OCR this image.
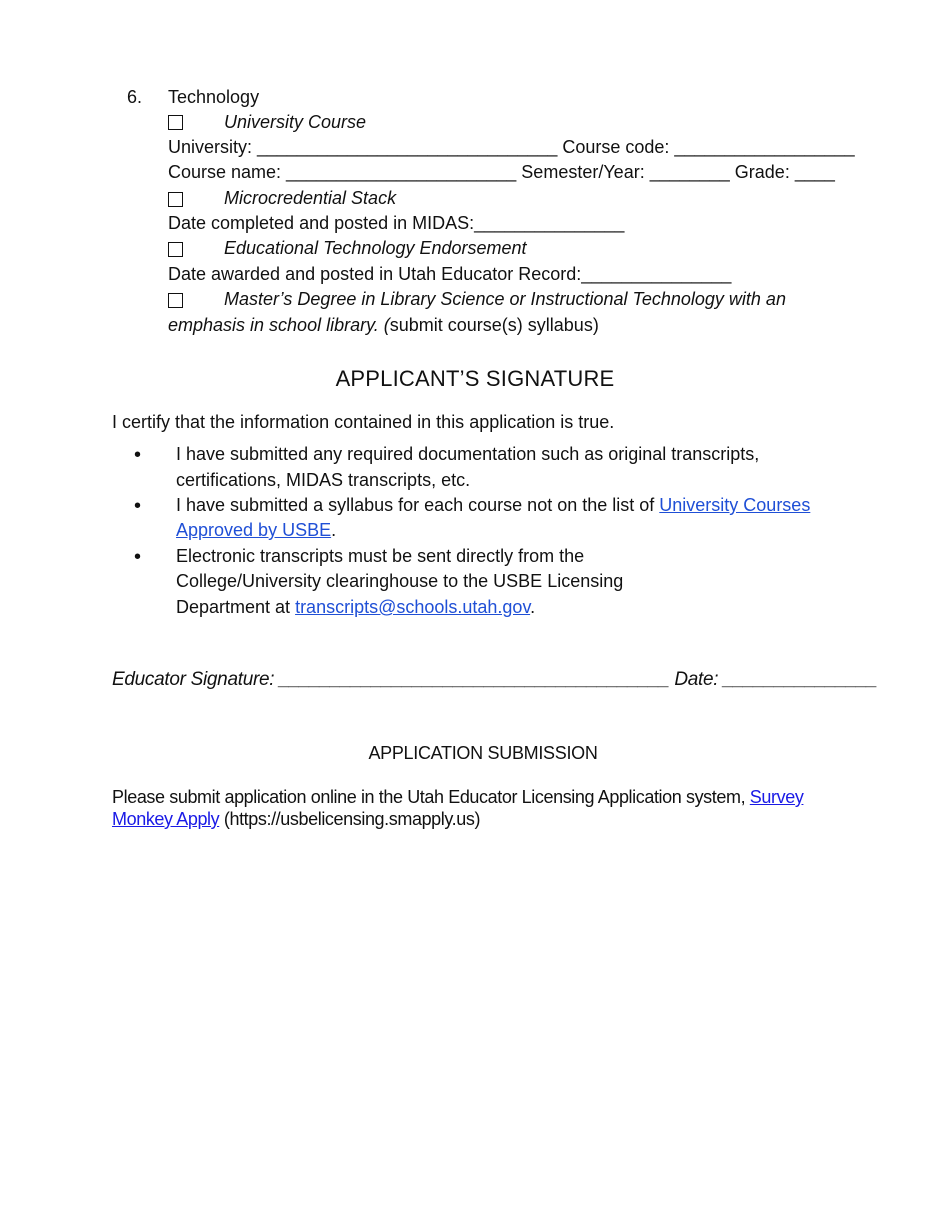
6. Technology
University Course
University: ______________________________ Course code: __________________
Course name: _______________________ Semester/Year: ________ Grade: ____
Microcredential Stack
Date completed and posted in MIDAS:_______________
Educational Technology Endorsement
Date awarded and posted in Utah Educator Record:_______________
Master’s Degree in Library Science or Instructional Technology with an
emphasis in school library. (submit course(s) syllabus)
APPLICANT’S SIGNATURE
I certify that the information contained in this application is true.
• I have submitted any required documentation such as original transcripts,
certifications, MIDAS transcripts, etc.
• I have submitted a syllabus for each course not on the list of University Courses
Approved by USBE.
• Electronic transcripts must be sent directly from the
College/University clearinghouse to the USBE Licensing
Department at transcripts@schools.utah.gov.
Educator Signature: ______________________________________ Date: _______________
APPLICATION SUBMISSION
Please submit application online in the Utah Educator Licensing Application system, Survey
Monkey Apply (https://usbelicensing.smapply.us)
